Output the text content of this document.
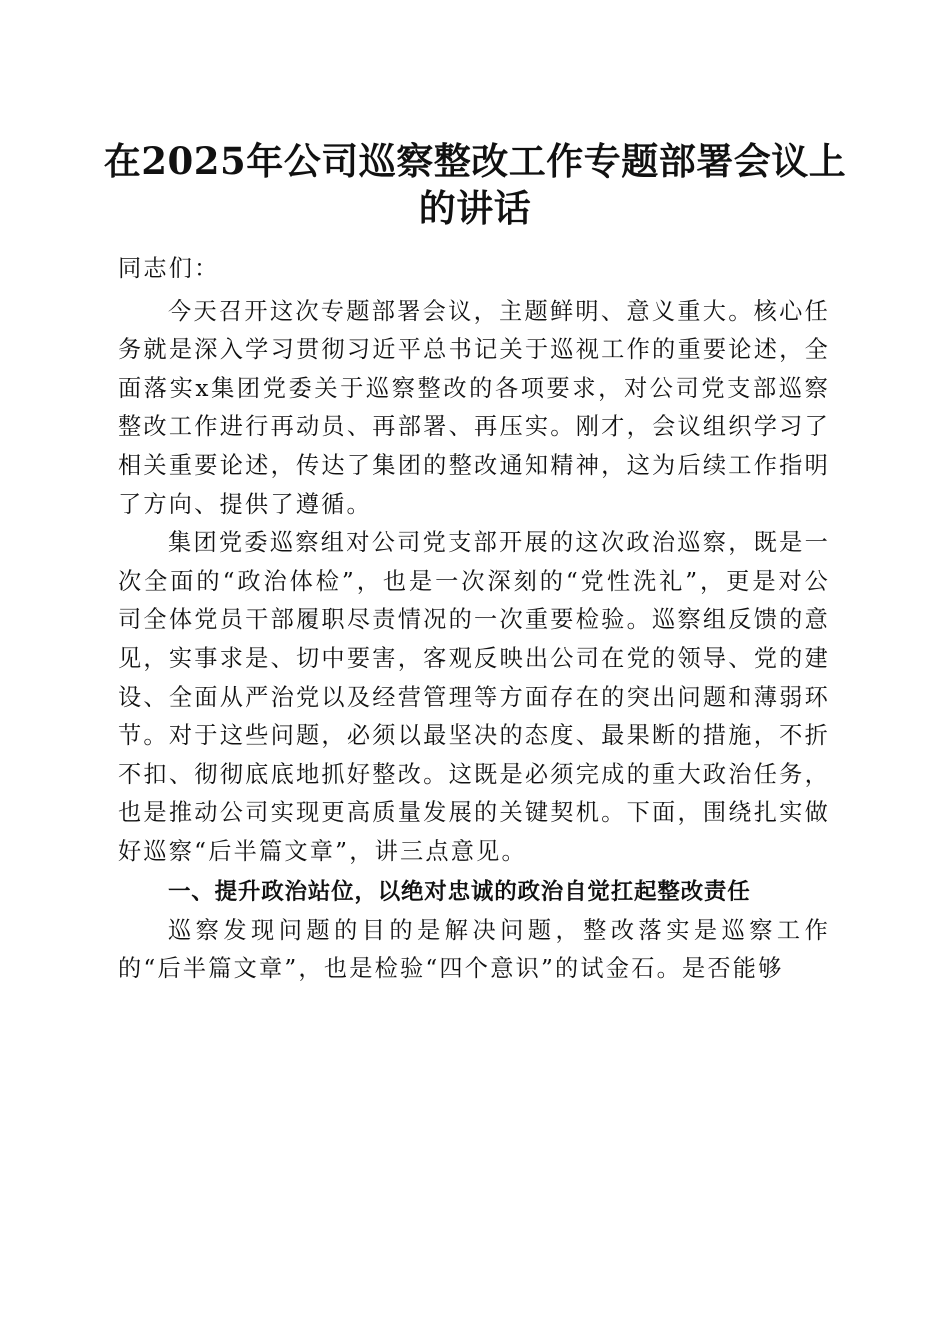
在2025年公司巡察整改工作专题部署会议上的讲话

同志们：

今天召开这次专题部署会议，主题鲜明、意义重大。核心任务就是深入学习贯彻习近平总书记关于巡视工作的重要论述，全面落实x集团党委关于巡察整改的各项要求，对公司党支部巡察整改工作进行再动员、再部署、再压实。刚才，会议组织学习了相关重要论述，传达了集团的整改通知精神，这为后续工作指明了方向、提供了遵循。

集团党委巡察组对公司党支部开展的这次政治巡察，既是一次全面的“政治体检”，也是一次深刻的“党性洗礼”，更是对公司全体党员干部履职尽责情况的一次重要检验。巡察组反馈的意见，实事求是、切中要害，客观反映出公司在党的领导、党的建设、全面从严治党以及经营管理等方面存在的突出问题和薄弱环节。对于这些问题，必须以最坚决的态度、最果断的措施，不折不扣、彻彻底底地抓好整改。这既是必须完成的重大政治任务，也是推动公司实现更高质量发展的关键契机。下面，围绕扎实做好巡察“后半篇文章”，讲三点意见。

一、提升政治站位，以绝对忠诚的政治自觉扛起整改责任

巡察发现问题的目的是解决问题，整改落实是巡察工作的“后半篇文章”，也是检验“四个意识”的试金石。是否能够
